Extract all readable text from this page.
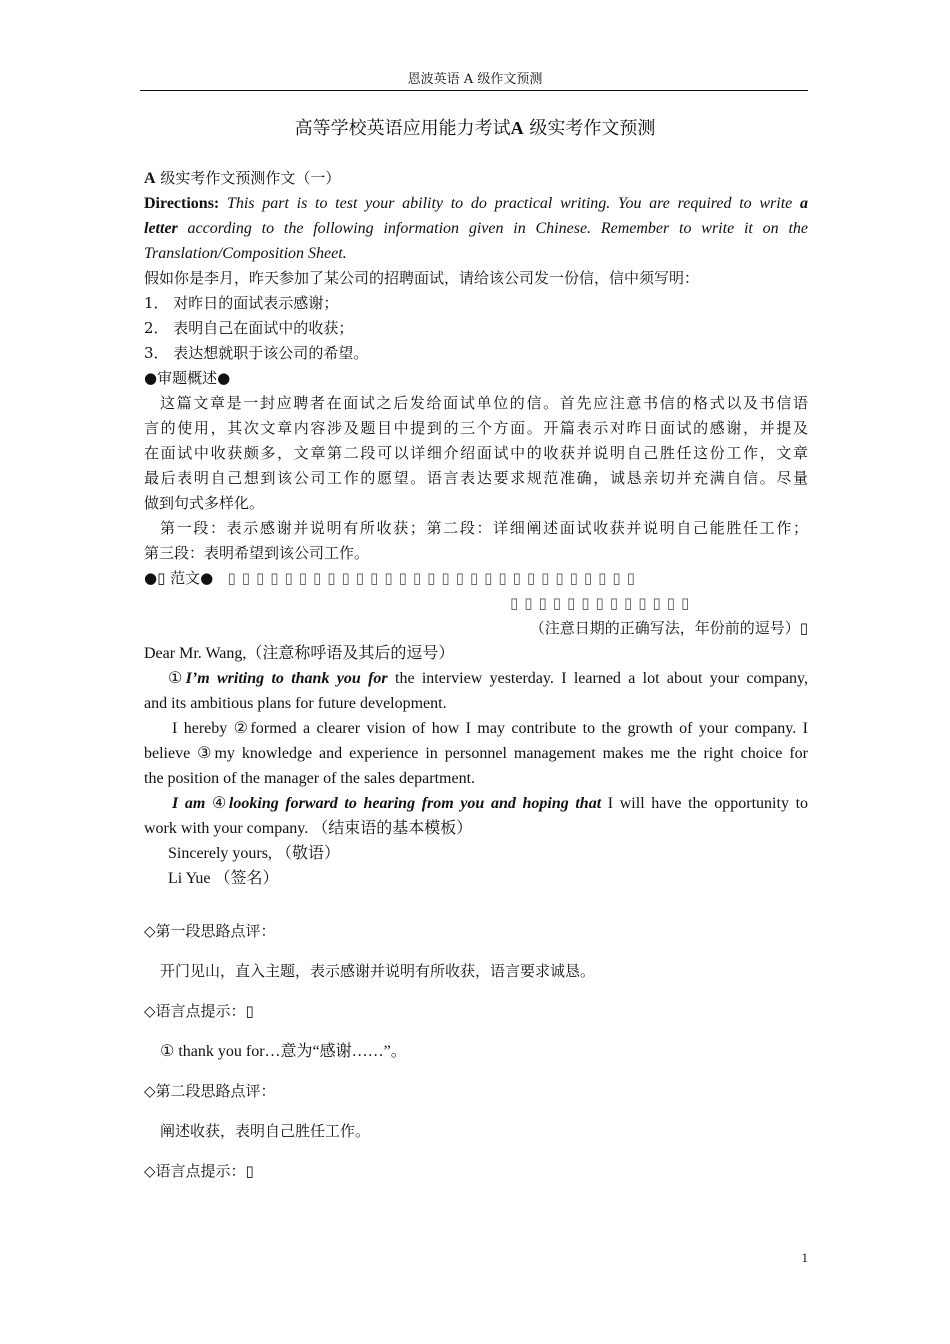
恩波英语 A 级作文预测
高等学校英语应用能力考试A 级实考作文预测
A 级实考作文预测作文（一）
Directions: This part is to test your ability to do practical writing. You are required to write a
letter according to the following information given in Chinese. Remember to write it on the
Translation/Composition Sheet.
假如你是李月，昨天参加了某公司的招聘面试，请给该公司发一份信，信中须写明：
1． 对昨日的面试表示感谢；
2． 表明自己在面试中的收获；
3． 表达想就职于该公司的希望。
●审题概述●
这篇文章是一封应聘者在面试之后发给面试单位的信。首先应注意书信的格式以及书信语
言的使用，其次文章内容涉及题目中提到的三个方面。开篇表示对昨日面试的感谢，并提及
在面试中收获颇多，文章第二段可以详细介绍面试中的收获并说明自己胜任这份工作，文章
最后表明自己想到该公司工作的愿望。语言表达要求规范准确，诚恳亲切并充满自信。尽量
做到句式多样化。
第一段：表示感谢并说明有所收获；第二段：详细阐述面试收获并说明自己能胜任工作；
第三段：表明希望到该公司工作。
●▯ 范文● ▯▯▯▯▯▯▯▯▯▯▯▯▯▯▯▯▯▯▯▯▯▯▯▯▯▯▯▯▯
▯▯▯▯▯▯▯▯▯▯▯▯▯
（注意日期的正确写法，年份前的逗号）▯
Dear Mr. Wang,（注意称呼语及其后的逗号）
①I’m writing to thank you for the interview yesterday. I learned a lot about your company,
and its ambitious plans for future development.
I hereby ②formed a clearer vision of how I may contribute to the growth of your company. I
believe ③my knowledge and experience in personnel management makes me the right choice for
the position of the manager of the sales department.
I am ④looking forward to hearing from you and hoping that I will have the opportunity to
work with your company. （结束语的基本模板）
Sincerely yours, （敬语）
Li Yue （签名）
◇第一段思路点评：
开门见山，直入主题，表示感谢并说明有所收获，语言要求诚恳。
◇语言点提示：▯
① thank you for…意为“感谢……”。
◇第二段思路点评：
阐述收获，表明自己胜任工作。
◇语言点提示：▯
1
